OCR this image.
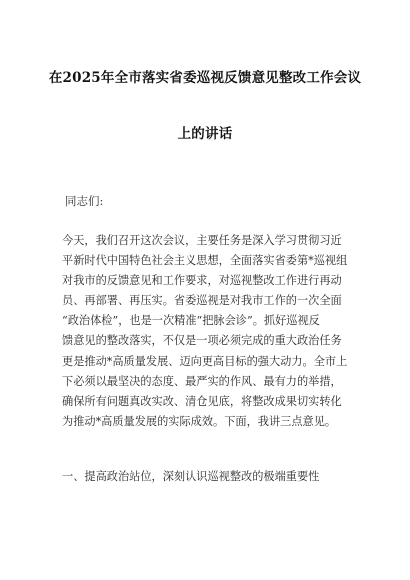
在2025年全市落实省委巡视反馈意见整改工作会议
上的讲话
同志们:
今天，我们召开这次会议，主要任务是深入学习贯彻习近
平新时代中国特色社会主义思想，全面落实省委第*巡视组
对我市的反馈意见和工作要求，对巡视整改工作进行再动
员、再部署、再压实。省委巡视是对我市工作的一次全面
“政治体检”，也是一次精准“把脉会诊”。抓好巡视反
馈意见的整改落实，不仅是一项必须完成的重大政治任务
更是推动*高质量发展、迈向更高目标的强大动力。全市上
下必须以最坚决的态度、最严实的作风、最有力的举措，
确保所有问题真改实改、清仓见底，将整改成果切实转化
为推动*高质量发展的实际成效。下面，我讲三点意见。
一、提高政治站位，深刻认识巡视整改的极端重要性
